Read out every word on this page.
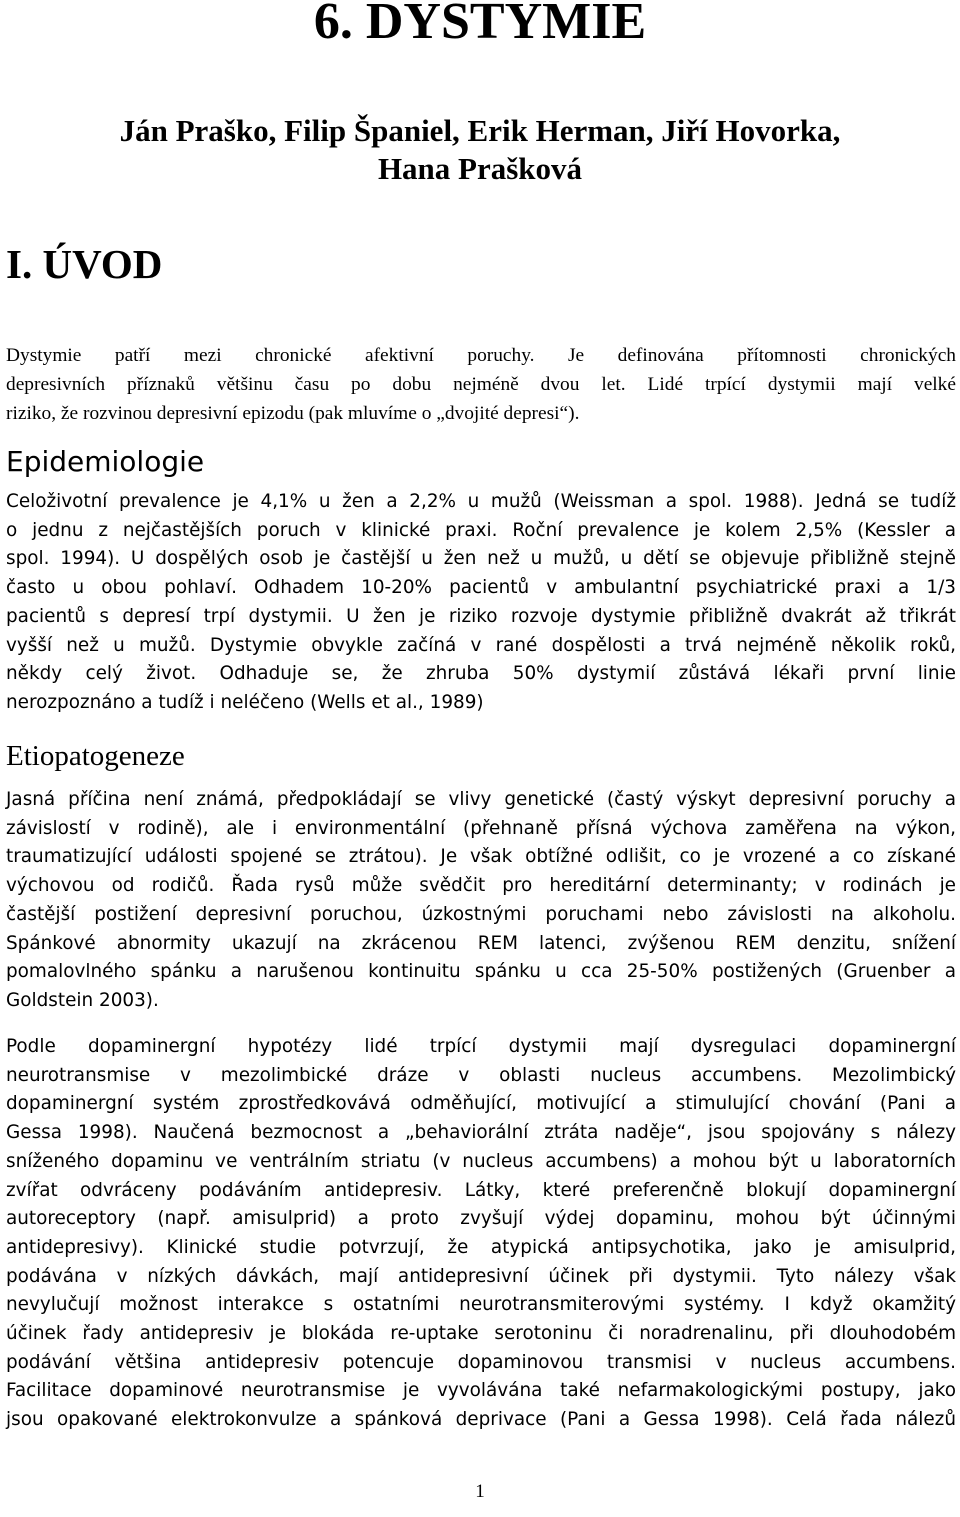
6. DYSTYMIE
Ján Praško, Filip Španiel, Erik Herman, Jiří Hovorka,
Hana Prašková
I. ÚVOD

Dystymie patří mezi chronické afektivní poruchy. Je definována přítomnosti chronických
depresivních příznaků většinu času po dobu nejméně dvou let. Lidé trpící dystymii mají velké
riziko, že rozvinou depresivní epizodu (pak mluvíme o „dvojité depresi“).

Epidemiologie

Celoživotní prevalence je 4,1% u žen a 2,2% u mužů (Weissman a spol. 1988). Jedná se tudíž
o jednu z nejčastějších poruch v klinické praxi. Roční prevalence je kolem 2,5% (Kessler a
spol. 1994). U dospělých osob je častější u žen než u mužů, u dětí se objevuje přibližně stejně
často u obou pohlaví. Odhadem 10-20% pacientů v ambulantní psychiatrické praxi a 1/3
pacientů s depresí trpí dystymii. U žen je riziko rozvoje dystymie přibližně dvakrát až třikrát
vyšší než u mužů. Dystymie obvykle začíná v rané dospělosti a trvá nejméně několik roků,
někdy celý život. Odhaduje se, že zhruba 50% dystymií zůstává lékaři první linie
nerozpoznáno a tudíž i neléčeno (Wells et al., 1989)

Etiopatogeneze

Jasná příčina není známá, předpokládají se vlivy genetické (častý výskyt depresivní poruchy a
závislostí v rodině), ale i environmentální (přehnaně přísná výchova zaměřena na výkon,
traumatizující události spojené se ztrátou). Je však obtížné odlišit, co je vrozené a co získané
výchovou od rodičů. Řada rysů může svědčit pro hereditární determinanty; v rodinách je
častější postižení depresivní poruchou, úzkostnými poruchami nebo závislosti na alkoholu.
Spánkové abnormity ukazují na zkrácenou REM latenci, zvýšenou REM denzitu, snížení
pomalovlného spánku a narušenou kontinuitu spánku u cca 25-50% postižených (Gruenber a
Goldstein 2003).

Podle dopaminergní hypotézy lidé trpící dystymii mají dysregulaci dopaminergní
neurotransmise v mezolimbické dráze v oblasti nucleus accumbens. Mezolimbický
dopaminergní systém zprostředkovává odměňující, motivující a stimulující chování (Pani a
Gessa 1998). Naučená bezmocnost a „behaviorální ztráta naděje“, jsou spojovány s nálezy
sníženého dopaminu ve ventrálním striatu (v nucleus accumbens) a mohou být u laboratorních
zvířat odvráceny podáváním antidepresiv. Látky, které preferenčně blokují dopaminergní
autoreceptory (např. amisulprid) a proto zvyšují výdej dopaminu, mohou být účinnými
antidepresivy). Klinické studie potvrzují, že atypická antipsychotika, jako je amisulprid,
podávána v nízkých dávkách, mají antidepresivní účinek při dystymii. Tyto nálezy však
nevylučují možnost interakce s ostatními neurotransmiterovými systémy. I když okamžitý
účinek řady antidepresiv je blokáda re-uptake serotoninu či noradrenalinu, při dlouhodobém
podávání většina antidepresiv potencuje dopaminovou transmisi v nucleus accumbens.
Facilitace dopaminové neurotransmise je vyvolávána také nefarmakologickými postupy, jako
jsou opakované elektrokonvulze a spánková deprivace (Pani a Gessa 1998). Celá řada nálezů

1
